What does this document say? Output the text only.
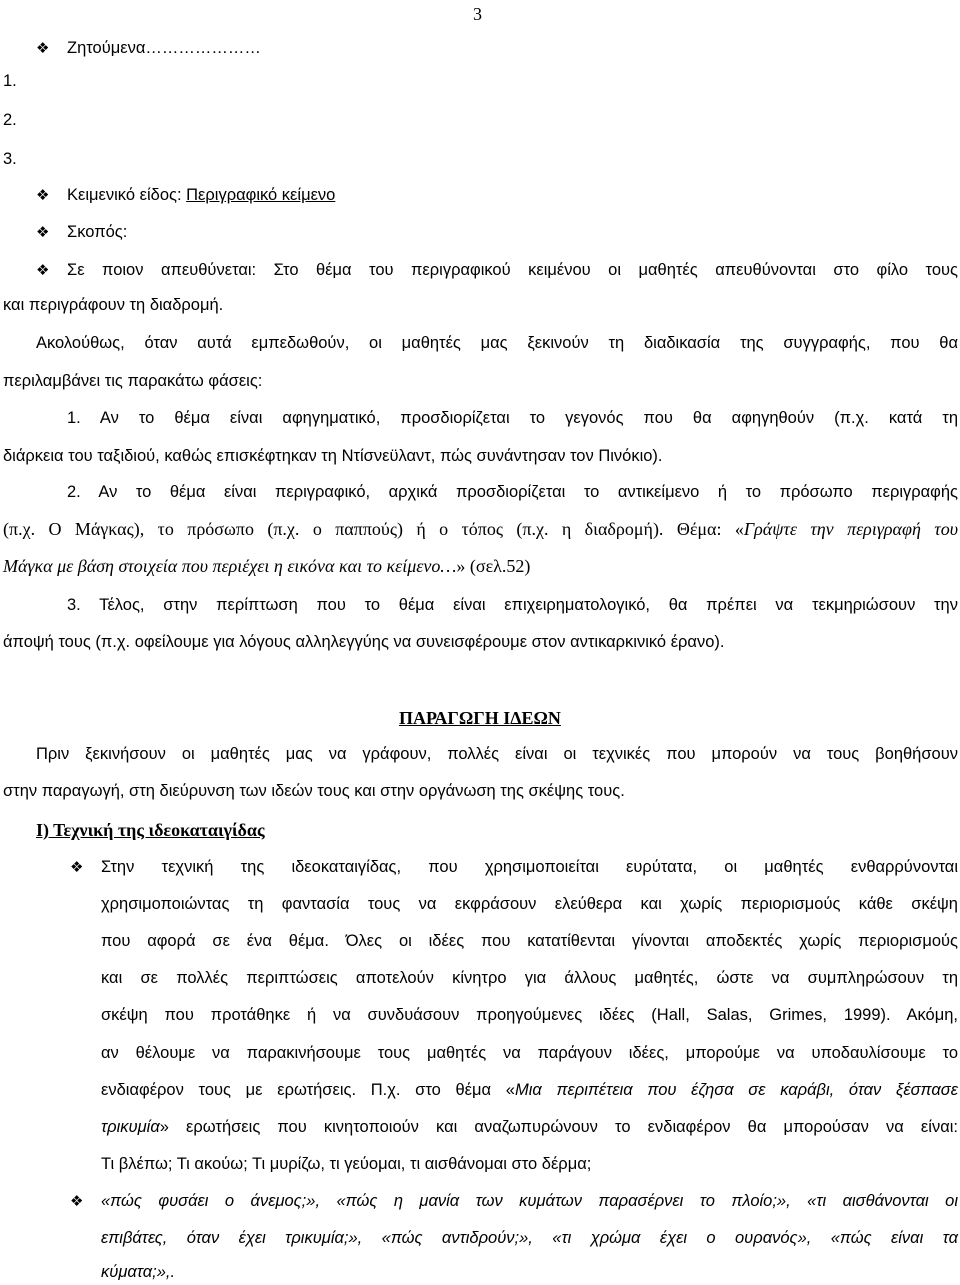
3
❖ Ζητούμενα…………………
1.
2.
3.
❖ Κειμενικό είδος: Περιγραφικό κείμενο
❖ Σκοπός:
❖ Σε ποιον απευθύνεται: Στο θέμα του περιγραφικού κειμένου οι μαθητές απευθύνονται στο φίλο τους
και περιγράφουν τη διαδρομή.
Ακολούθως, όταν αυτά εμπεδωθούν, οι μαθητές μας ξεκινούν τη διαδικασία της συγγραφής, που θα
περιλαμβάνει τις παρακάτω φάσεις:
1. Αν το θέμα είναι αφηγηματικό, προσδιορίζεται το γεγονός που θα αφηγηθούν (π.χ. κατά τη
διάρκεια του ταξιδιού, καθώς επισκέφτηκαν τη Ντίσνεϋλαντ, πώς συνάντησαν τον Πινόκιο).
2. Αν το θέμα είναι περιγραφικό, αρχικά προσδιορίζεται το αντικείμενο ή το πρόσωπο περιγραφής
(π.χ. Ο Μάγκας), το πρόσωπο (π.χ. ο παππούς) ή ο τόπος (π.χ. η διαδρομή). Θέμα: «Γράψτε την περιγραφή του
Μάγκα με βάση στοιχεία που περιέχει η εικόνα και το κείμενο…» (σελ.52)
3. Τέλος, στην περίπτωση που το θέμα είναι επιχειρηματολογικό, θα πρέπει να τεκμηριώσουν την
άποψή τους (π.χ. οφείλουμε για λόγους αλληλεγγύης να συνεισφέρουμε στον αντικαρκινικό έρανο).
ΠΑΡΑΓΩΓΗ ΙΔΕΩΝ
Πριν ξεκινήσουν οι μαθητές μας να γράφουν, πολλές είναι οι τεχνικές που μπορούν να τους βοηθήσουν
στην παραγωγή, στη διεύρυνση των ιδεών τους και στην οργάνωση της σκέψης τους.
Ι) Τεχνική της ιδεοκαταιγίδας
❖ Στην τεχνική της ιδεοκαταιγίδας, που χρησιμοποιείται ευρύτατα, οι μαθητές ενθαρρύνονται
χρησιμοποιώντας τη φαντασία τους να εκφράσουν ελεύθερα και χωρίς περιορισμούς κάθε σκέψη
που αφορά σε ένα θέμα. Όλες οι ιδέες που κατατίθενται γίνονται αποδεκτές χωρίς περιορισμούς
και σε πολλές περιπτώσεις αποτελούν κίνητρο για άλλους μαθητές, ώστε να συμπληρώσουν τη
σκέψη που προτάθηκε ή να συνδυάσουν προηγούμενες ιδέες (Hall, Salas, Grimes, 1999). Ακόμη,
αν θέλουμε να παρακινήσουμε τους μαθητές να παράγουν ιδέες, μπορούμε να υποδαυλίσουμε το
ενδιαφέρον τους με ερωτήσεις. Π.χ. στο θέμα «Μια περιπέτεια που έζησα σε καράβι, όταν ξέσπασε
τρικυμία» ερωτήσεις που κινητοποιούν και αναζωπυρώνουν το ενδιαφέρον θα μπορούσαν να είναι:
Τι βλέπω; Τι ακούω; Τι μυρίζω, τι γεύομαι, τι αισθάνομαι στο δέρμα;
❖ «πώς φυσάει ο άνεμος;», «πώς η μανία των κυμάτων παρασέρνει το πλοίο;», «τι αισθάνονται οι
επιβάτες, όταν έχει τρικυμία;», «πώς αντιδρούν;», «τι χρώμα έχει ο ουρανός», «πώς είναι τα
κύματα;»,.
